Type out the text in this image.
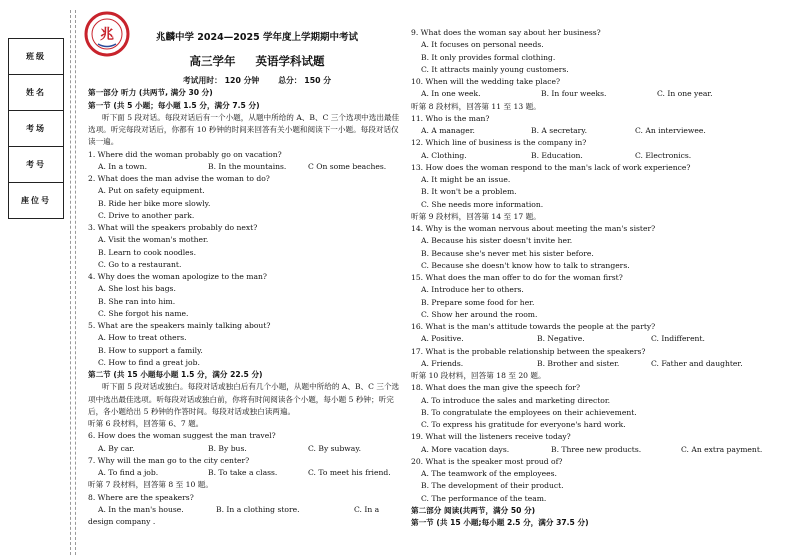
班级
姓名
考场
考号
座位号
兆	兆麟中学 2024—2025 学年度上学期期中考试
高三学年 英语学科试题
考试用时： 120 分钟 总分： 150 分
第一部分 听力 (共两节, 满分 30 分)
第一节 (共 5 小题；每小题 1.5 分，满分 7.5 分)
听下面 5 段对话。每段对话后有一个小题，从题中所给的 A、B、C 三个选项中选出最佳选项。听完每段对话后，你都有 10 秒钟的时间来回答有关小题和阅读下一小题。每段对话仅读一遍。
1. Where did the woman probably go on vacation?
A. In a town.	B. In the mountains.	C On some beaches.
2. What does the man advise the woman to do?
A. Put on safety equipment.
B. Ride her bike more slowly.
C. Drive to another park.
3. What will the speakers probably do next?
A. Visit the woman's mother.
B. Learn to cook noodles.
C. Go to a restaurant.
4. Why does the woman apologize to the man?
A. She lost his bags.
B. She ran into him.
C. She forgot his name.
5. What are the speakers mainly talking about?
A. How to treat others.
B. How to support a family.
C. How to find a great job.
第二节 (共 15 小题每小题 1.5 分，满分 22.5 分)
听下面 5 段对话或独白。每段对话或独白后有几个小题，从题中所给的 A、B、C 三个选项中选出最佳选项。听每段对话或独白前，你将有时间阅读各个小题，每小题 5 秒钟；听完后，各小题给出 5 秒钟的作答时间。每段对话或独白读两遍。
听第 6 段材料，回答第 6、7 题。
6. How does the woman suggest the man travel?
A. By car.	B. By bus.	C. By subway.
7. Why will the man go to the city center?
A. To find a job.	B. To take a class.	C. To meet his friend.
听第 7 段材料，回答第 8 至 10 题。
8. Where are the speakers?
A. In the man's house.	B. In a clothing store.	C. In a
design company .
9. What does the woman say about her business?
A. It focuses on personal needs.
B. It only provides formal clothing.
C. It attracts mainly young customers.
10. When will the wedding take place?
A. In one week.	B. In four weeks.	C. In one year.
听第 8 段材料，回答第 11 至 13 题。
11. Who is the man?
A. A manager.	B. A secretary.	C. An interviewee.
12. Which line of business is the company in?
A. Clothing.	B. Education.	C. Electronics.
13. How does the woman respond to the man's lack of work experience?
A. It might be an issue.
B. It won't be a problem.
C. She needs more information.
听第 9 段材料，回答第 14 至 17 题。
14. Why is the woman nervous about meeting the man's sister?
A. Because his sister doesn't invite her.
B. Because she's never met his sister before.
C. Because she doesn't know how to talk to strangers.
15. What does the man offer to do for the woman first?
A. Introduce her to others.
B. Prepare some food for her.
C. Show her around the room.
16. What is the man's attitude towards the people at the party?
A. Positive.	B. Negative.	C. Indifferent.
17. What is the probable relationship between the speakers?
A. Friends.	B. Brother and sister.	C. Father and daughter.
听第 10 段材料，回答第 18 至 20 题。
18. What does the man give the speech for?
A. To introduce the sales and marketing director.
B. To congratulate the employees on their achievement.
C. To express his gratitude for everyone's hard work.
19. What will the listeners receive today?
A. More vacation days.	B. Three new products.	C. An extra payment.
20. What is the speaker most proud of?
A. The teamwork of the employees.
B. The development of their product.
C. The performance of the team.
第二部分 阅读(共两节，满分 50 分)
第一节 (共 15 小题;每小题 2.5 分，满分 37.5 分)
